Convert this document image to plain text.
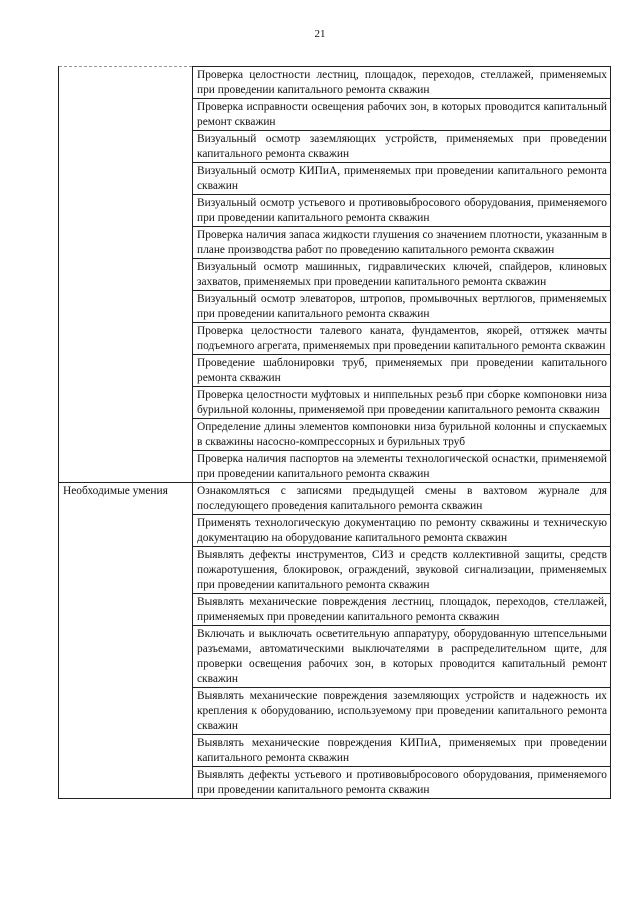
21
	Проверка целостности лестниц, площадок, переходов, стеллажей, применяемых при проведении капитального ремонта скважин
	Проверка исправности освещения рабочих зон, в которых проводится капитальный ремонт скважин
	Визуальный осмотр заземляющих устройств, применяемых при проведении капитального ремонта скважин
	Визуальный осмотр КИПиА, применяемых при проведении капитального ремонта скважин
	Визуальный осмотр устьевого и противовыбросового оборудования, применяемого при проведении капитального ремонта скважин
	Проверка наличия запаса жидкости глушения со значением плотности, указанным в плане производства работ по проведению капитального ремонта скважин
	Визуальный осмотр машинных, гидравлических ключей, спайдеров, клиновых захватов, применяемых при проведении капитального ремонта скважин
	Визуальный осмотр элеваторов, штропов, промывочных вертлюгов, применяемых при проведении капитального ремонта скважин
	Проверка целостности талевого каната, фундаментов, якорей, оттяжек мачты подъемного агрегата, применяемых при проведении капитального ремонта скважин
	Проведение шаблонировки труб, применяемых при проведении капитального ремонта скважин
	Проверка целостности муфтовых и ниппельных резьб при сборке компоновки низа бурильной колонны, применяемой при проведении капитального ремонта скважин
	Определение длины элементов компоновки низа бурильной колонны и спускаемых в скважины насосно-компрессорных и бурильных труб
	Проверка наличия паспортов на элементы технологической оснастки, применяемой при проведении капитального ремонта скважин
Необходимые умения	Ознакомляться с записями предыдущей смены в вахтовом журнале для последующего проведения капитального ремонта скважин
	Применять технологическую документацию по ремонту скважины и техническую документацию на оборудование капитального ремонта скважин
	Выявлять дефекты инструментов, СИЗ и средств коллективной защиты, средств пожаротушения, блокировок, ограждений, звуковой сигнализации, применяемых при проведении капитального ремонта скважин
	Выявлять механические повреждения лестниц, площадок, переходов, стеллажей, применяемых при проведении капитального ремонта скважин
	Включать и выключать осветительную аппаратуру, оборудованную штепсельными разъемами, автоматическими выключателями в распределительном щите, для проверки освещения рабочих зон, в которых проводится капитальный ремонт скважин
	Выявлять механические повреждения заземляющих устройств и надежность их крепления к оборудованию, используемому при проведении капитального ремонта скважин
	Выявлять механические повреждения КИПиА, применяемых при проведении капитального ремонта скважин
	Выявлять дефекты устьевого и противовыбросового оборудования, применяемого при проведении капитального ремонта скважин
